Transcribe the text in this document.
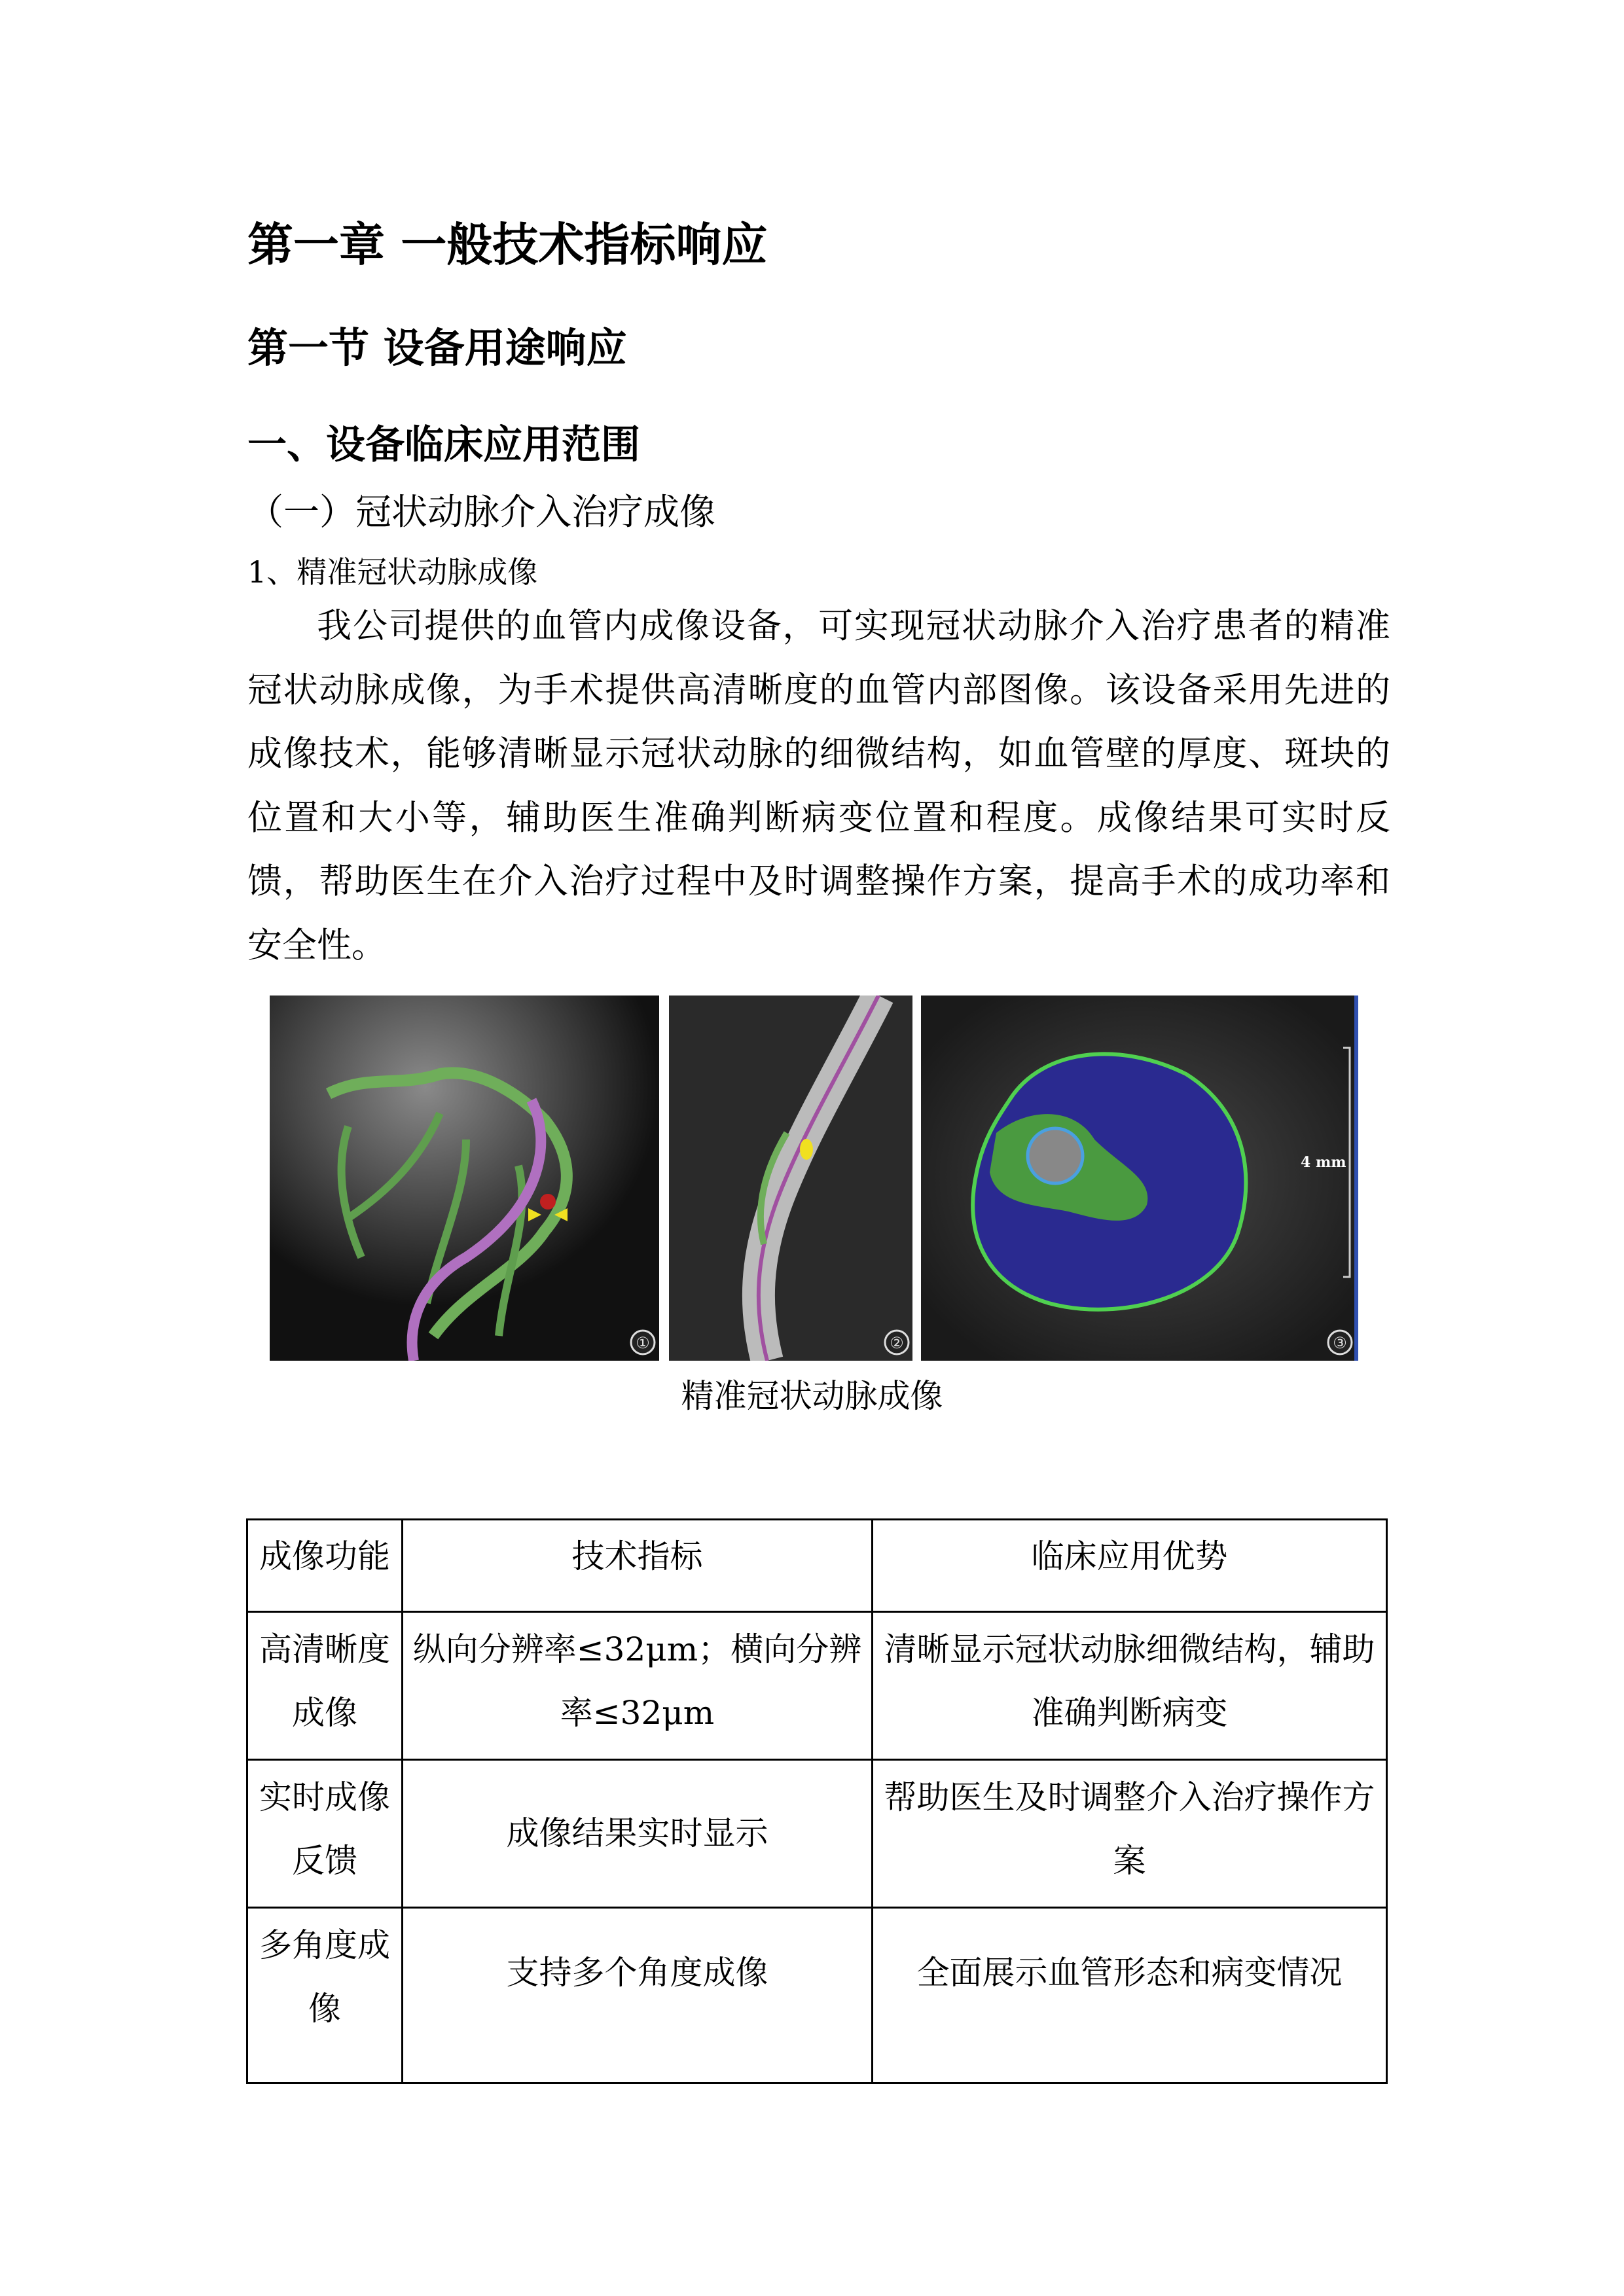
第一章 一般技术指标响应
第一节 设备用途响应
一、设备临床应用范围
（一）冠状动脉介入治疗成像
1、精准冠状动脉成像

我公司提供的血管内成像设备，可实现冠状动脉介入治疗患者的精准冠状动脉成像，为手术提供高清晰度的血管内部图像。该设备采用先进的成像技术，能够清晰显示冠状动脉的细微结构，如血管壁的厚度、斑块的位置和大小等，辅助医生准确判断病变位置和程度。成像结果可实时反馈，帮助医生在介入治疗过程中及时调整操作方案，提高手术的成功率和安全性。

①	②
4 mm
③
精准冠状动脉成像
成像功能	技术指标	临床应用优势
高清晰度成像	纵向分辨率≤32μm；横向分辨率≤32μm	清晰显示冠状动脉细微结构，辅助准确判断病变
实时成像反馈	成像结果实时显示	帮助医生及时调整介入治疗操作方案
多角度成像	支持多个角度成像	全面展示血管形态和病变情况
